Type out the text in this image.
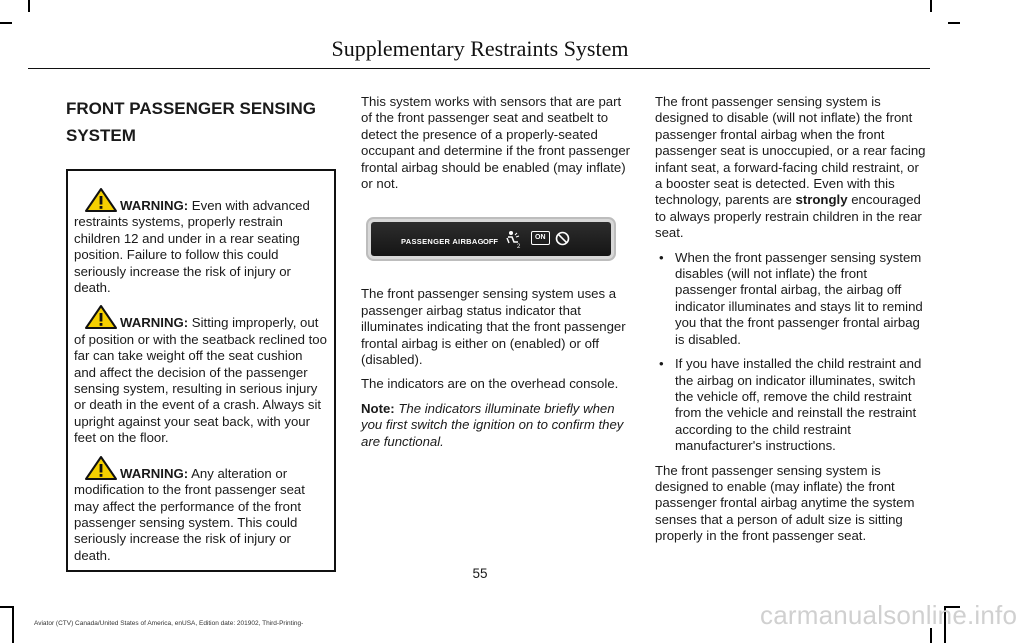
Supplementary Restraints System
FRONT PASSENGER SENSING
SYSTEM
WARNING: Even with advanced restraints systems, properly restrain children 12 and under in a rear seating position. Failure to follow this could seriously increase the risk of injury or death.
WARNING: Sitting improperly, out of position or with the seatback reclined too far can take weight off the seat cushion and affect the decision of the passenger sensing system, resulting in serious injury or death in the event of a crash. Always sit upright against your seat back, with your feet on the floor.
WARNING: Any alteration or modification to the front passenger seat may affect the performance of the front passenger sensing system. This could seriously increase the risk of injury or death.

This system works with sensors that are part of the front passenger seat and seatbelt to detect the presence of a properly-seated occupant and determine if the front passenger frontal airbag should be enabled (may inflate) or not.

PASSENGER AIRBAG OFF
2
ON

The front passenger sensing system uses a passenger airbag status indicator that illuminates indicating that the front passenger frontal airbag is either on (enabled) or off (disabled).

The indicators are on the overhead console.

Note: The indicators illuminate briefly when you first switch the ignition on to confirm they are functional.

The front passenger sensing system is designed to disable (will not inflate) the front passenger frontal airbag when the front passenger seat is unoccupied, or a rear facing infant seat, a forward-facing child restraint, or a booster seat is detected. Even with this technology, parents are strongly encouraged to always properly restrain children in the rear seat.

• When the front passenger sensing system disables (will not inflate) the front passenger frontal airbag, the airbag off indicator illuminates and stays lit to remind you that the front passenger frontal airbag is disabled.
• If you have installed the child restraint and the airbag on indicator illuminates, switch the vehicle off, remove the child restraint from the vehicle and reinstall the restraint according to the child restraint manufacturer's instructions.

The front passenger sensing system is designed to enable (may inflate) the front passenger frontal airbag anytime the system senses that a person of adult size is sitting properly in the front passenger seat.

55
Aviator (CTV) Canada/United States of America, enUSA, Edition date: 201902, Third-Printing-	carmanualsonline.info
